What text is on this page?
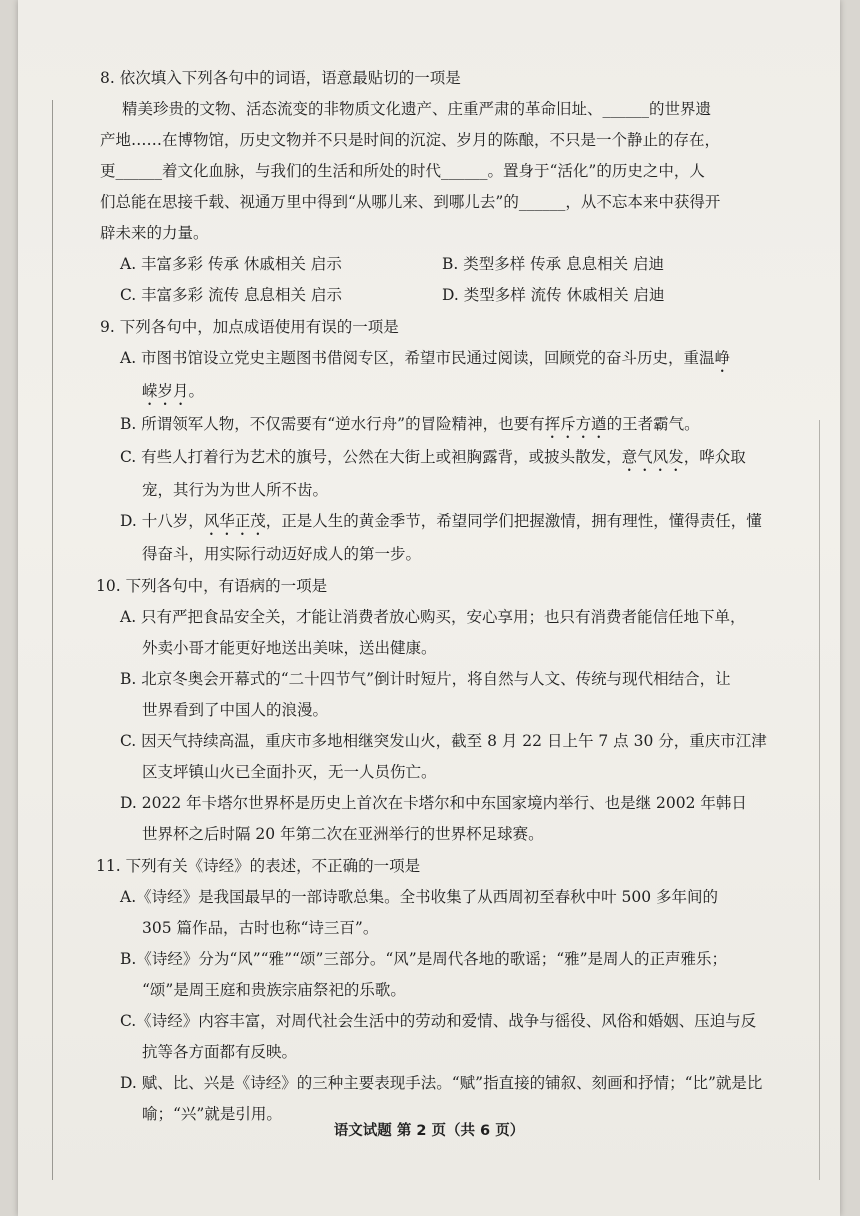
8. 依次填入下列各句中的词语，语意最贴切的一项是
精美珍贵的文物、活态流变的非物质文化遗产、庄重严肃的革命旧址、______的世界遗
产地……在博物馆，历史文物并不只是时间的沉淀、岁月的陈酿，不只是一个静止的存在，
更______着文化血脉，与我们的生活和所处的时代______。置身于“活化”的历史之中，人
们总能在思接千载、视通万里中得到“从哪儿来、到哪儿去”的______，从不忘本来中获得开
辟未来的力量。
A. 丰富多彩 传承 休戚相关 启示	B. 类型多样 传承 息息相关 启迪
C. 丰富多彩 流传 息息相关 启示	D. 类型多样 流传 休戚相关 启迪
9. 下列各句中，加点成语使用有误的一项是
A. 市图书馆设立党史主题图书借阅专区，希望市民通过阅读，回顾党的奋斗历史，重温峥
嵘岁月。
B. 所谓领军人物，不仅需要有“逆水行舟”的冒险精神，也要有挥斥方遒的王者霸气。
C. 有些人打着行为艺术的旗号，公然在大街上或袒胸露背，或披头散发，意气风发，哗众取
宠，其行为为世人所不齿。
D. 十八岁，风华正茂，正是人生的黄金季节，希望同学们把握激情，拥有理性，懂得责任，懂
得奋斗，用实际行动迈好成人的第一步。
10. 下列各句中，有语病的一项是
A. 只有严把食品安全关，才能让消费者放心购买，安心享用；也只有消费者能信任地下单，
外卖小哥才能更好地送出美味，送出健康。
B. 北京冬奥会开幕式的“二十四节气”倒计时短片，将自然与人文、传统与现代相结合，让
世界看到了中国人的浪漫。
C. 因天气持续高温，重庆市多地相继突发山火，截至 8 月 22 日上午 7 点 30 分，重庆市江津
区支坪镇山火已全面扑灭，无一人员伤亡。
D. 2022 年卡塔尔世界杯是历史上首次在卡塔尔和中东国家境内举行、也是继 2002 年韩日
世界杯之后时隔 20 年第二次在亚洲举行的世界杯足球赛。
11. 下列有关《诗经》的表述，不正确的一项是
A.《诗经》是我国最早的一部诗歌总集。全书收集了从西周初至春秋中叶 500 多年间的
305 篇作品，古时也称“诗三百”。
B.《诗经》分为“风”“雅”“颂”三部分。“风”是周代各地的歌谣；“雅”是周人的正声雅乐；
“颂”是周王庭和贵族宗庙祭祀的乐歌。
C.《诗经》内容丰富，对周代社会生活中的劳动和爱情、战争与徭役、风俗和婚姻、压迫与反
抗等各方面都有反映。
D. 赋、比、兴是《诗经》的三种主要表现手法。“赋”指直接的铺叙、刻画和抒情；“比”就是比
喻；“兴”就是引用。
语文试题 第 2 页（共 6 页）
